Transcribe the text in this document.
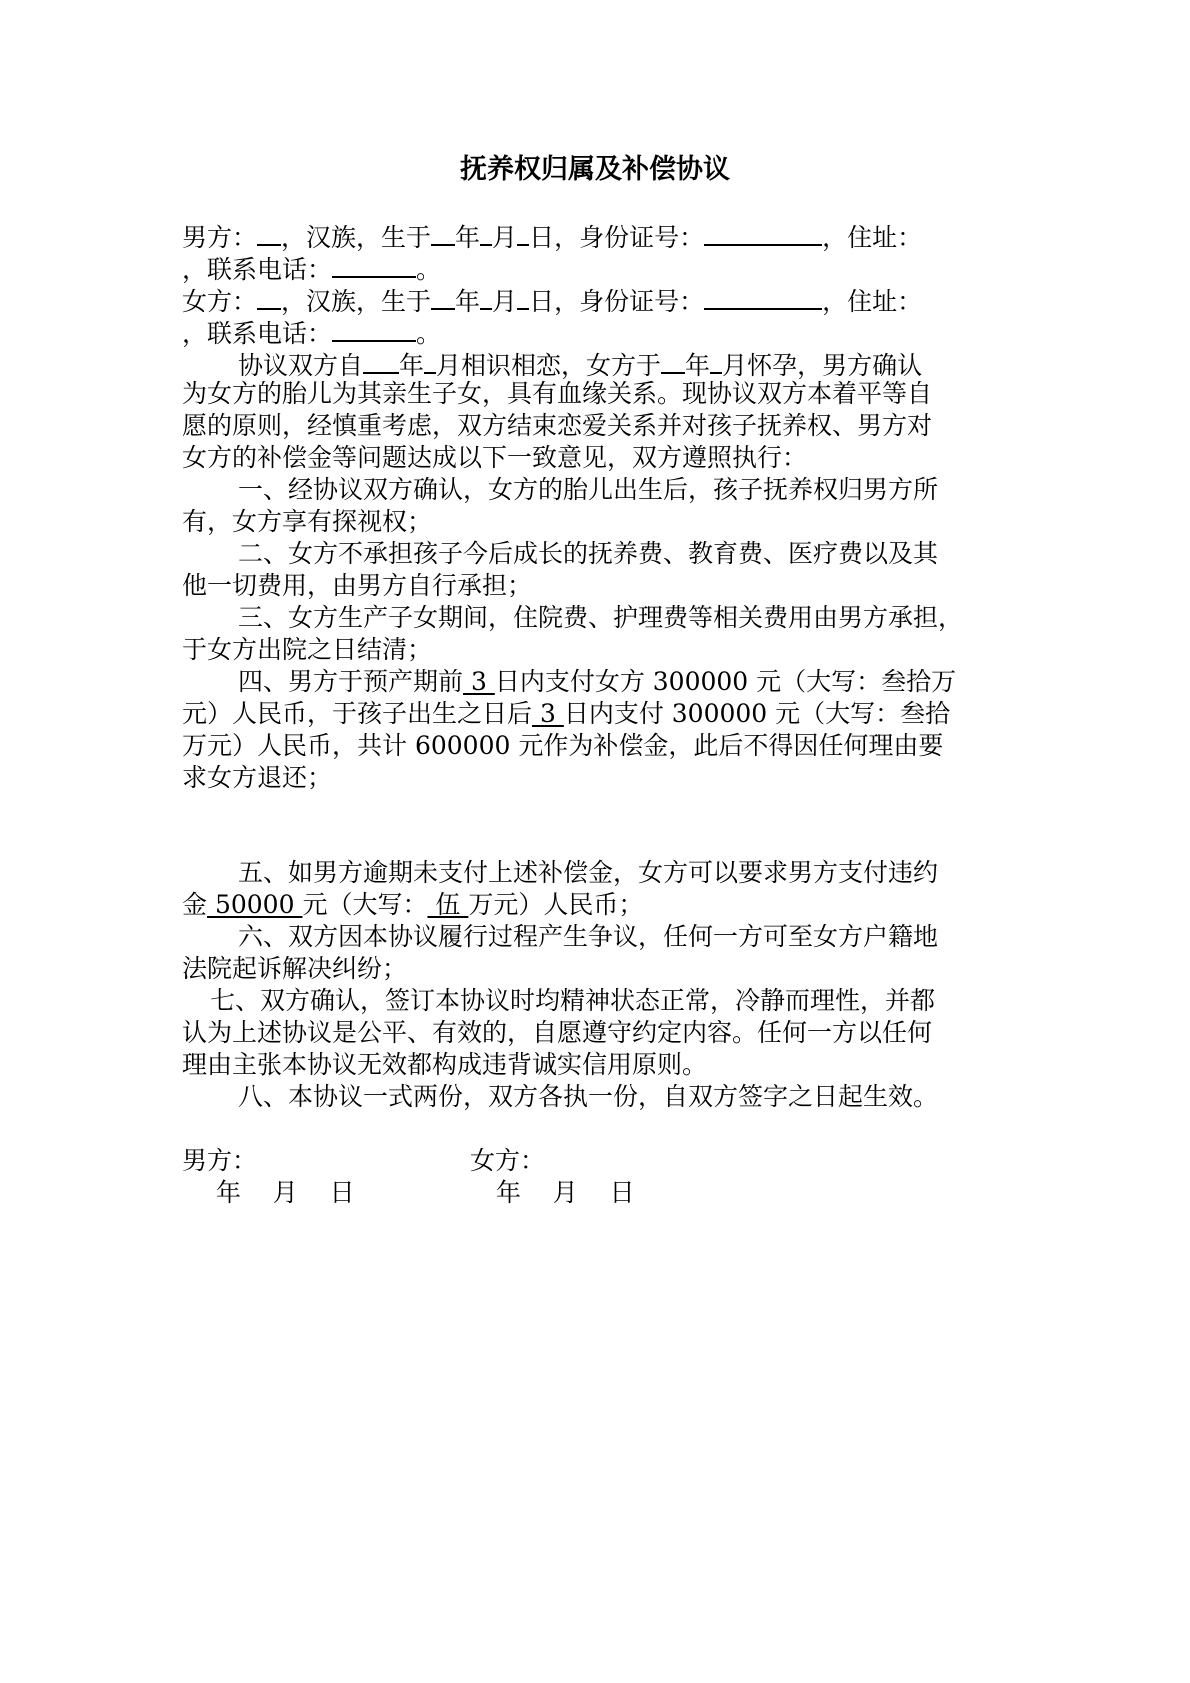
抚养权归属及补偿协议
男方： ，汉族，生于 年 月 日，身份证号：	，住址：
，联系电话：	。
女方： ，汉族，生于 年 月 日，身份证号：	，住址：
，联系电话：	。
协议双方自 年 月相识相恋，女方于 年 月怀孕，男方确认
为女方的胎儿为其亲生子女，具有血缘关系。现协议双方本着平等自
愿的原则，经慎重考虑，双方结束恋爱关系并对孩子抚养权、男方对
女方的补偿金等问题达成以下一致意见，双方遵照执行：
一、经协议双方确认，女方的胎儿出生后，孩子抚养权归男方所
有，女方享有探视权；
二、女方不承担孩子今后成长的抚养费、教育费、医疗费以及其
他一切费用，由男方自行承担；
三、女方生产子女期间，住院费、护理费等相关费用由男方承担，
于女方出院之日结清；
四、男方于预产期前 3 日内支付女方 300000 元（大写：叁拾万
元）人民币，于孩子出生之日后 3 日内支付 300000 元（大写：叁拾
万元）人民币，共计 600000 元作为补偿金，此后不得因任何理由要
求女方退还；
五、如男方逾期未支付上述补偿金，女方可以要求男方支付违约
金 50000 元（大写： 伍 万元）人民币；
六、双方因本协议履行过程产生争议，任何一方可至女方户籍地
法院起诉解决纠纷；
七、双方确认，签订本协议时均精神状态正常，冷静而理性，并都
认为上述协议是公平、有效的，自愿遵守约定内容。任何一方以任何
理由主张本协议无效都构成违背诚实信用原则。
八、本协议一式两份，双方各执一份，自双方签字之日起生效。
男方：	女方：
年    月    日	年    月    日
